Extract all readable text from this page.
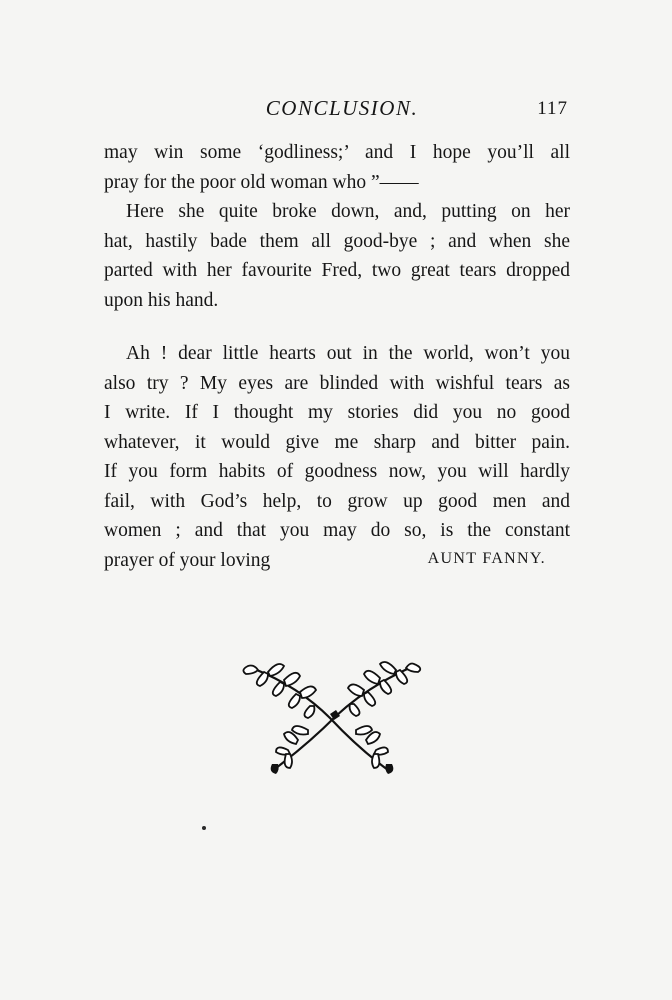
CONCLUSION.	117
may win some ‘godliness;’ and I hope you’ll all
pray for the poor old woman who ”——
Here she quite broke down, and, putting on her
hat, hastily bade them all good-bye ; and when she
parted with her favourite Fred, two great tears dropped
upon his hand.
Ah ! dear little hearts out in the world, won’t you
also try ? My eyes are blinded with wishful tears as
I write. If I thought my stories did you no good
whatever, it would give me sharp and bitter pain.
If you form habits of goodness now, you will hardly
fail, with God’s help, to grow up good men and
women ; and that you may do so, is the constant
prayer of your loving	AUNT FANNY.
